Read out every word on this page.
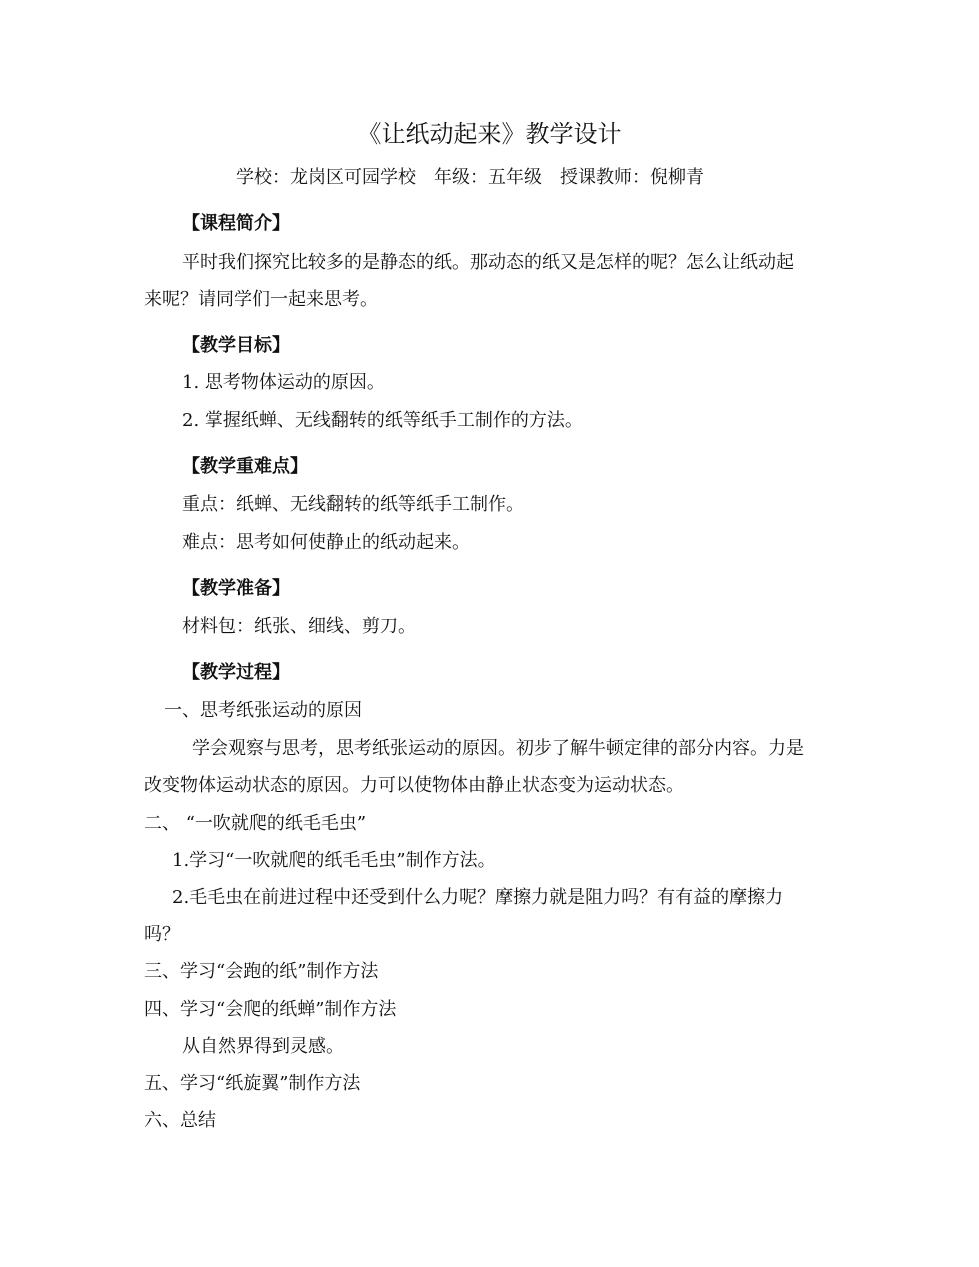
《让纸动起来》教学设计
学校：龙岗区可园学校 年级：五年级 授课教师：倪柳青
【课程简介】
平时我们探究比较多的是静态的纸。那动态的纸又是怎样的呢？怎么让纸动起
来呢？请同学们一起来思考。
【教学目标】
1. 思考物体运动的原因。
2. 掌握纸蝉、无线翻转的纸等纸手工制作的方法。
【教学重难点】
重点：纸蝉、无线翻转的纸等纸手工制作。
难点：思考如何使静止的纸动起来。
【教学准备】
材料包：纸张、细线、剪刀。
【教学过程】
一、思考纸张运动的原因
学会观察与思考，思考纸张运动的原因。初步了解牛顿定律的部分内容。力是
改变物体运动状态的原因。力可以使物体由静止状态变为运动状态。
二、 “一吹就爬的纸毛毛虫”
1.学习“一吹就爬的纸毛毛虫”制作方法。
2.毛毛虫在前进过程中还受到什么力呢？摩擦力就是阻力吗？有有益的摩擦力
吗？
三、学习“会跑的纸”制作方法
四、学习“会爬的纸蝉”制作方法
从自然界得到灵感。
五、学习“纸旋翼”制作方法
六、总结
